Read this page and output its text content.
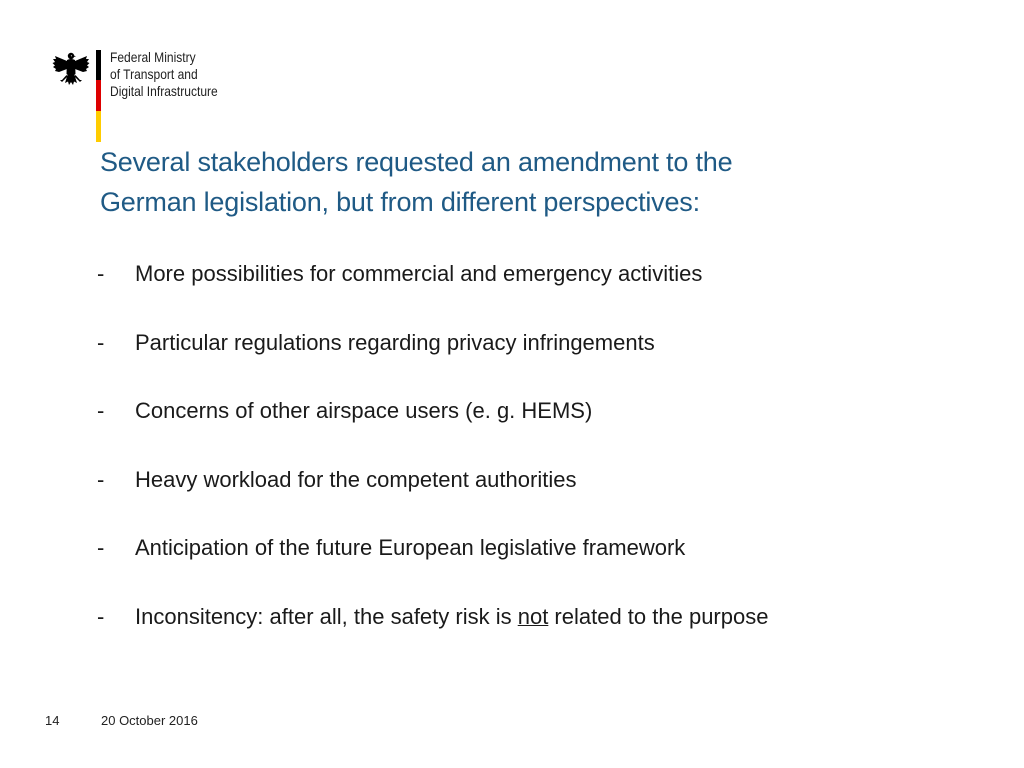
Federal Ministry
of Transport and
Digital Infrastructure
Several stakeholders requested an amendment to the
German legislation, but from different perspectives:
- More possibilities for commercial and emergency activities
- Particular regulations regarding privacy infringements
- Concerns of other airspace users (e. g. HEMS)
- Heavy workload for the competent authorities
- Anticipation of the future European legislative framework
- Inconsitency: after all, the safety risk is not related to the purpose
14	20 October 2016
